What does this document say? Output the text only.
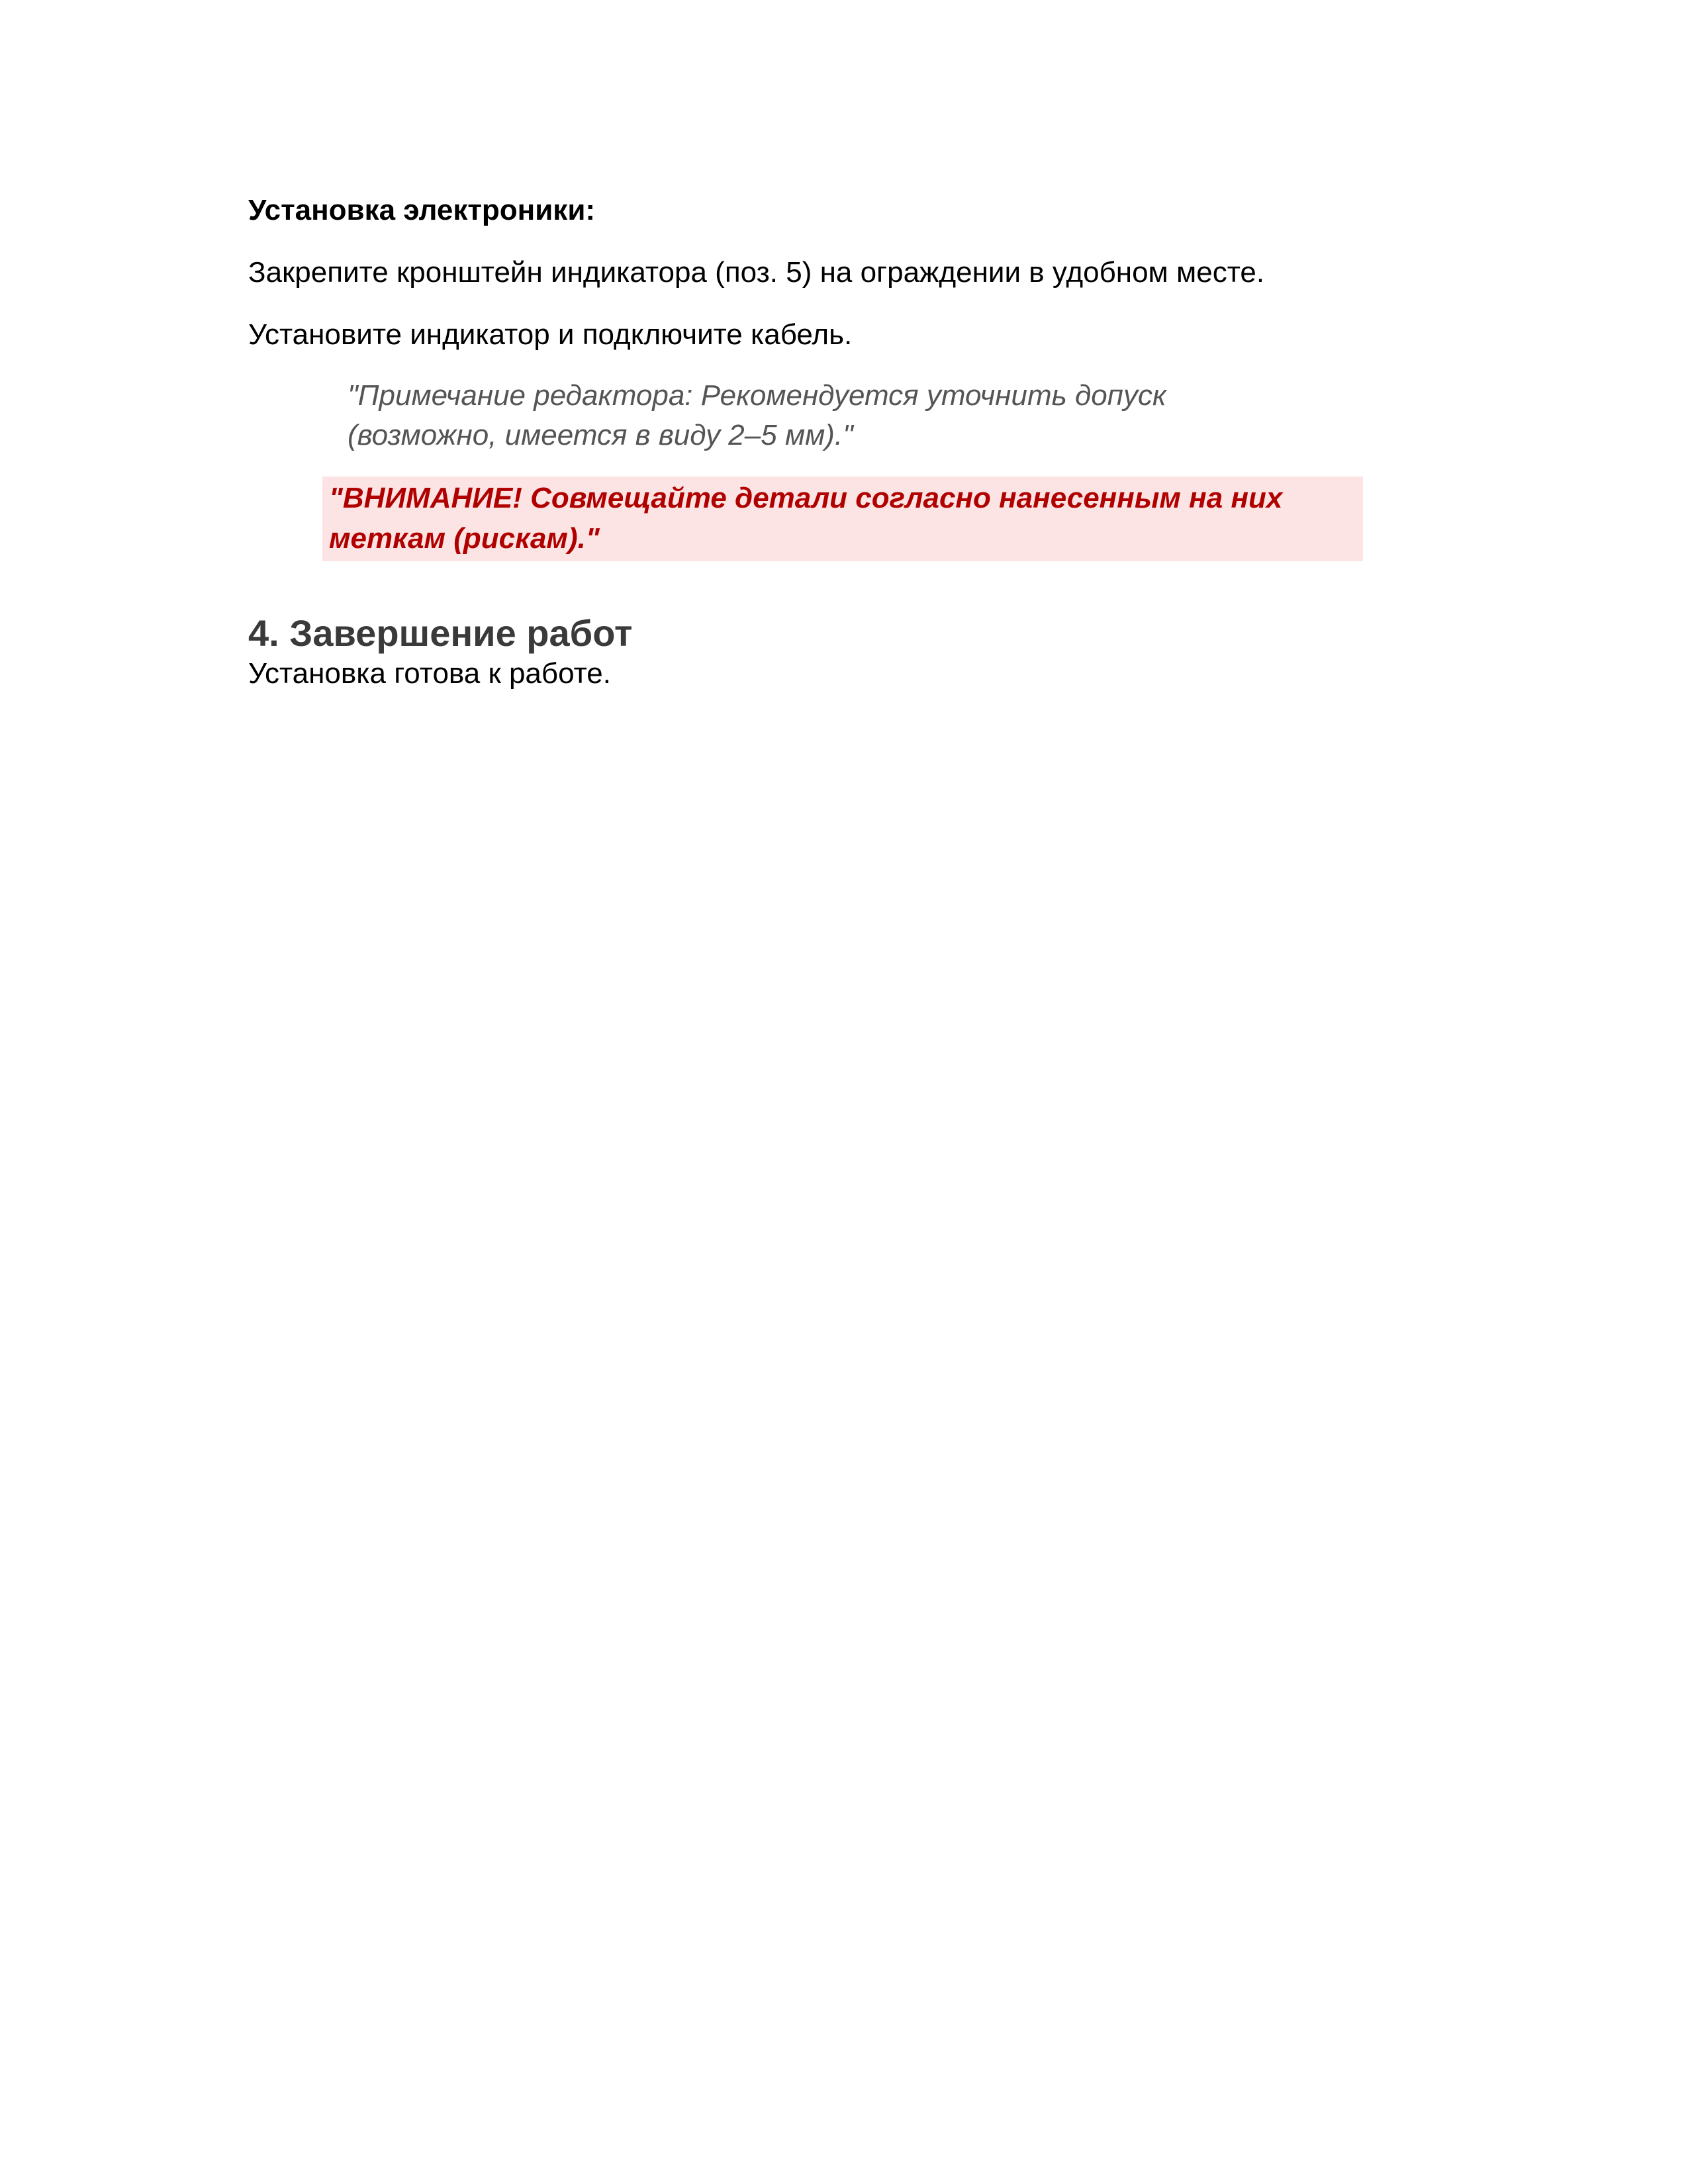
Установка электроники:

Закрепите кронштейн индикатора (поз. 5) на ограждении в удобном месте.

Установите индикатор и подключите кабель.

"Примечание редактора: Рекомендуется уточнить допуск
(возможно, имеется в виду 2–5 мм)."
"ВНИМАНИЕ! Совмещайте детали согласно нанесенным на них
меткам (рискам)."
4. Завершение работ

Установка готова к работе.
